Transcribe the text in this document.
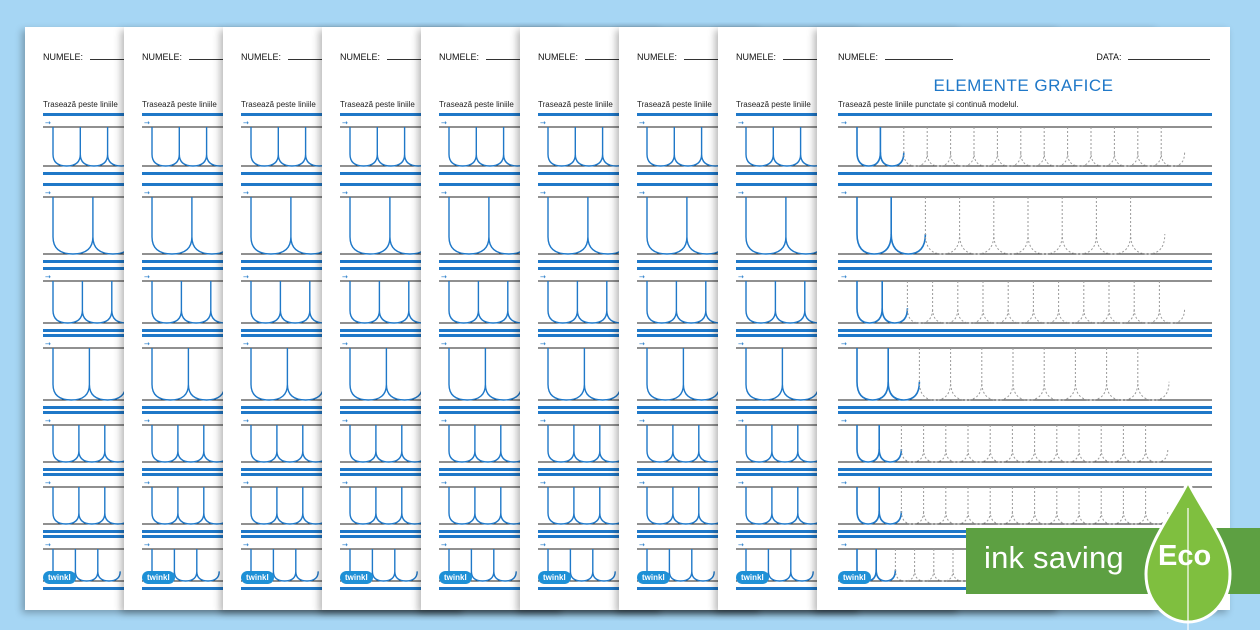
NUMELE:
Trasează peste liniile
→
→
→
→
→
→
→
twinkl
NUMELE:
Trasează peste liniile
→
→
→
→
→
→
→
twinkl
NUMELE:
Trasează peste liniile
→
→
→
→
→
→
→
twinkl
NUMELE:
Trasează peste liniile
→
→
→
→
→
→
→
twinkl
NUMELE:
Trasează peste liniile
→
→
→
→
→
→
→
twinkl
NUMELE:
Trasează peste liniile
→
→
→
→
→
→
→
twinkl
NUMELE:
Trasează peste liniile
→
→
→
→
→
→
→
twinkl
NUMELE:
Trasează peste liniile
→
→
→
→
→
→
→
twinkl
NUMELE:	DATA:
ELEMENTE GRAFICE
Trasează peste liniile punctate și continuă modelul.
→
→
→
→
→
→
→
twinkl
ink saving Eco
